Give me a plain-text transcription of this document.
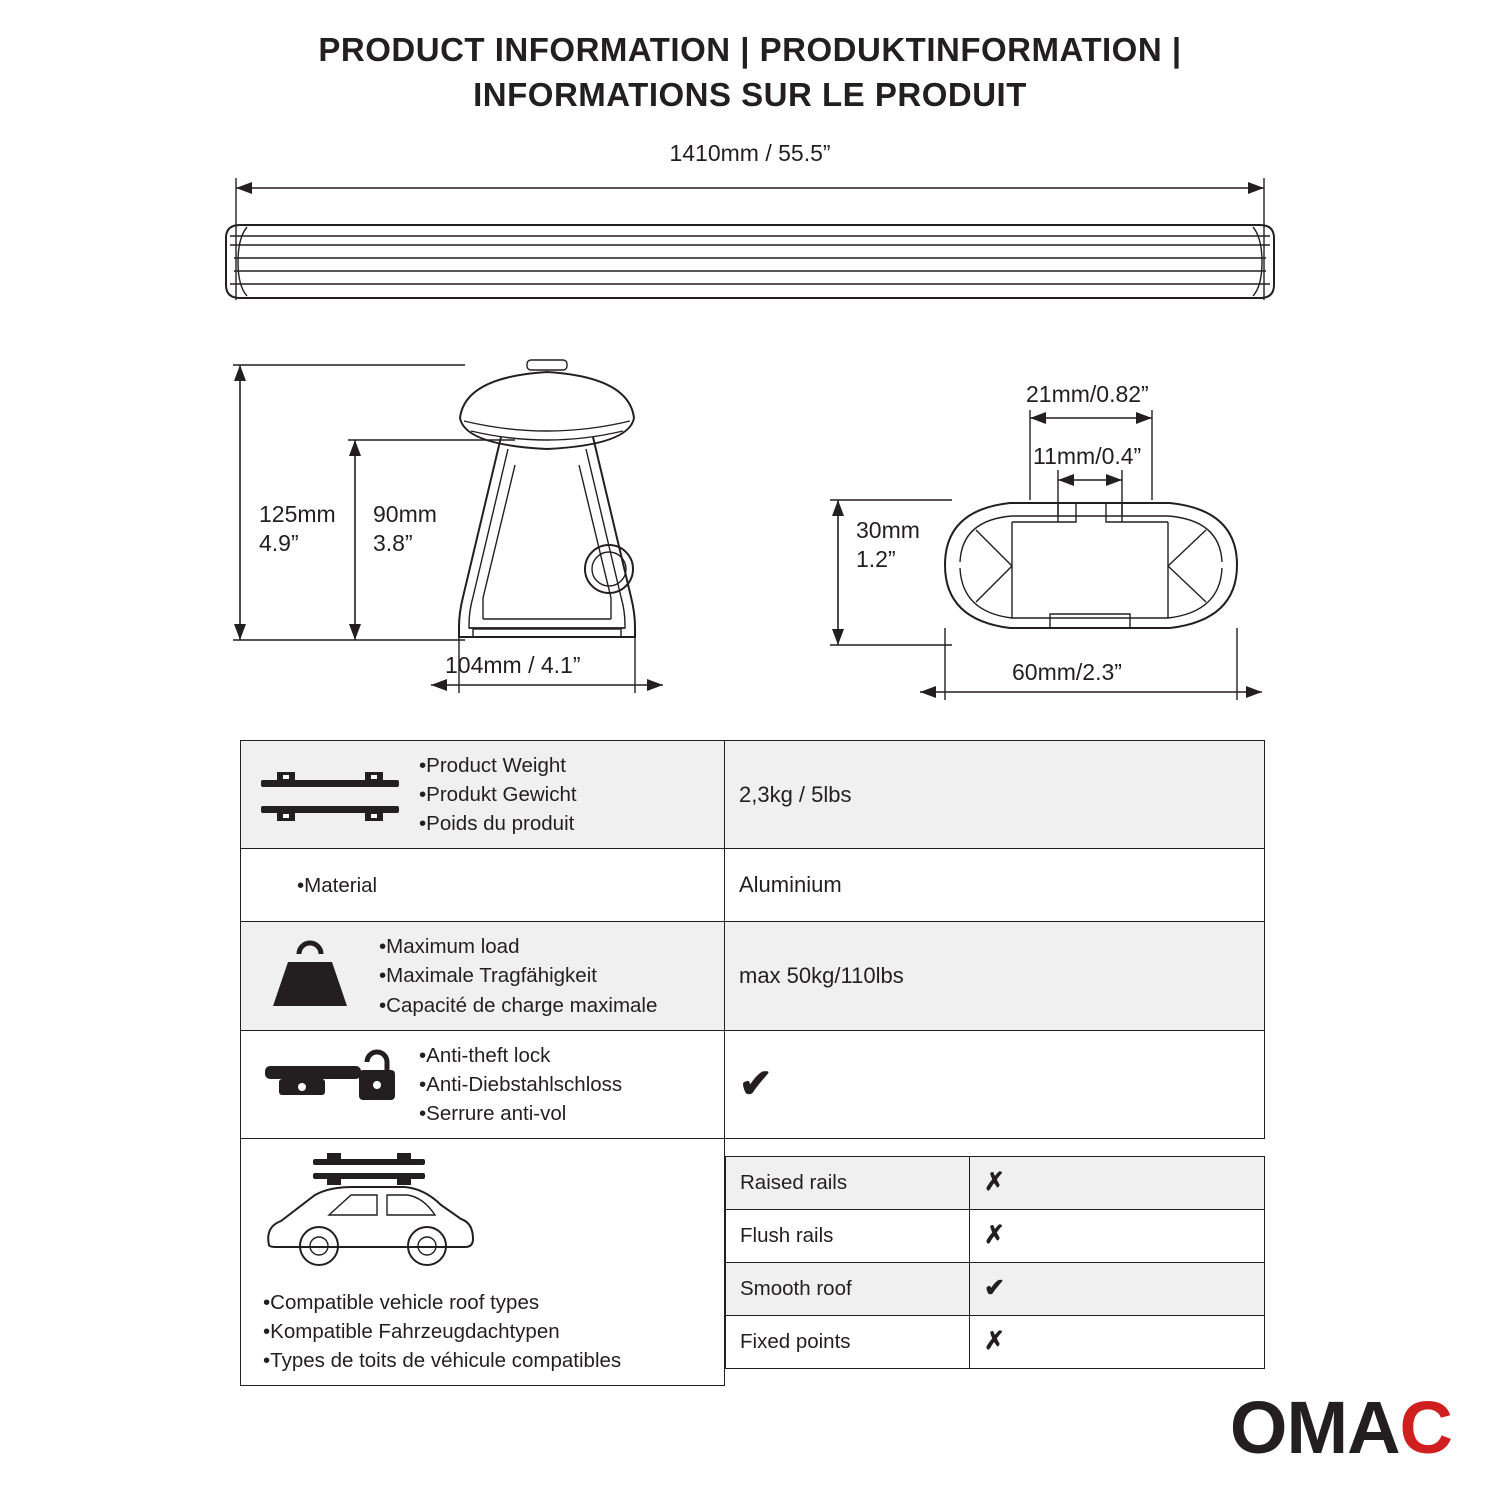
PRODUCT INFORMATION | PRODUKTINFORMATION |
INFORMATIONS SUR LE PRODUIT
1410mm / 55.5”
125mm
4.9”
90mm
3.8”
104mm / 4.1”
21mm/0.82”
11mm/0.4”
30mm
1.2”
60mm/2.3”
•Product Weight
•Produkt Gewicht
•Poids du produit
	2,3kg / 5lbs

•Material	Aluminium

•Maximum load
•Maximale Tragfähigkeit
•Capacité de charge maximale
	max 50kg/110lbs

•Anti-theft lock
•Anti-Diebstahlschloss
•Serrure anti-vol
	✔

•Compatible vehicle roof types
•Kompatible Fahrzeugdachtypen
•Types de toits de véhicule compatibles

Raised rails	✗
Flush rails	✗
Smooth roof	✔
Fixed points	✗
O M A C
